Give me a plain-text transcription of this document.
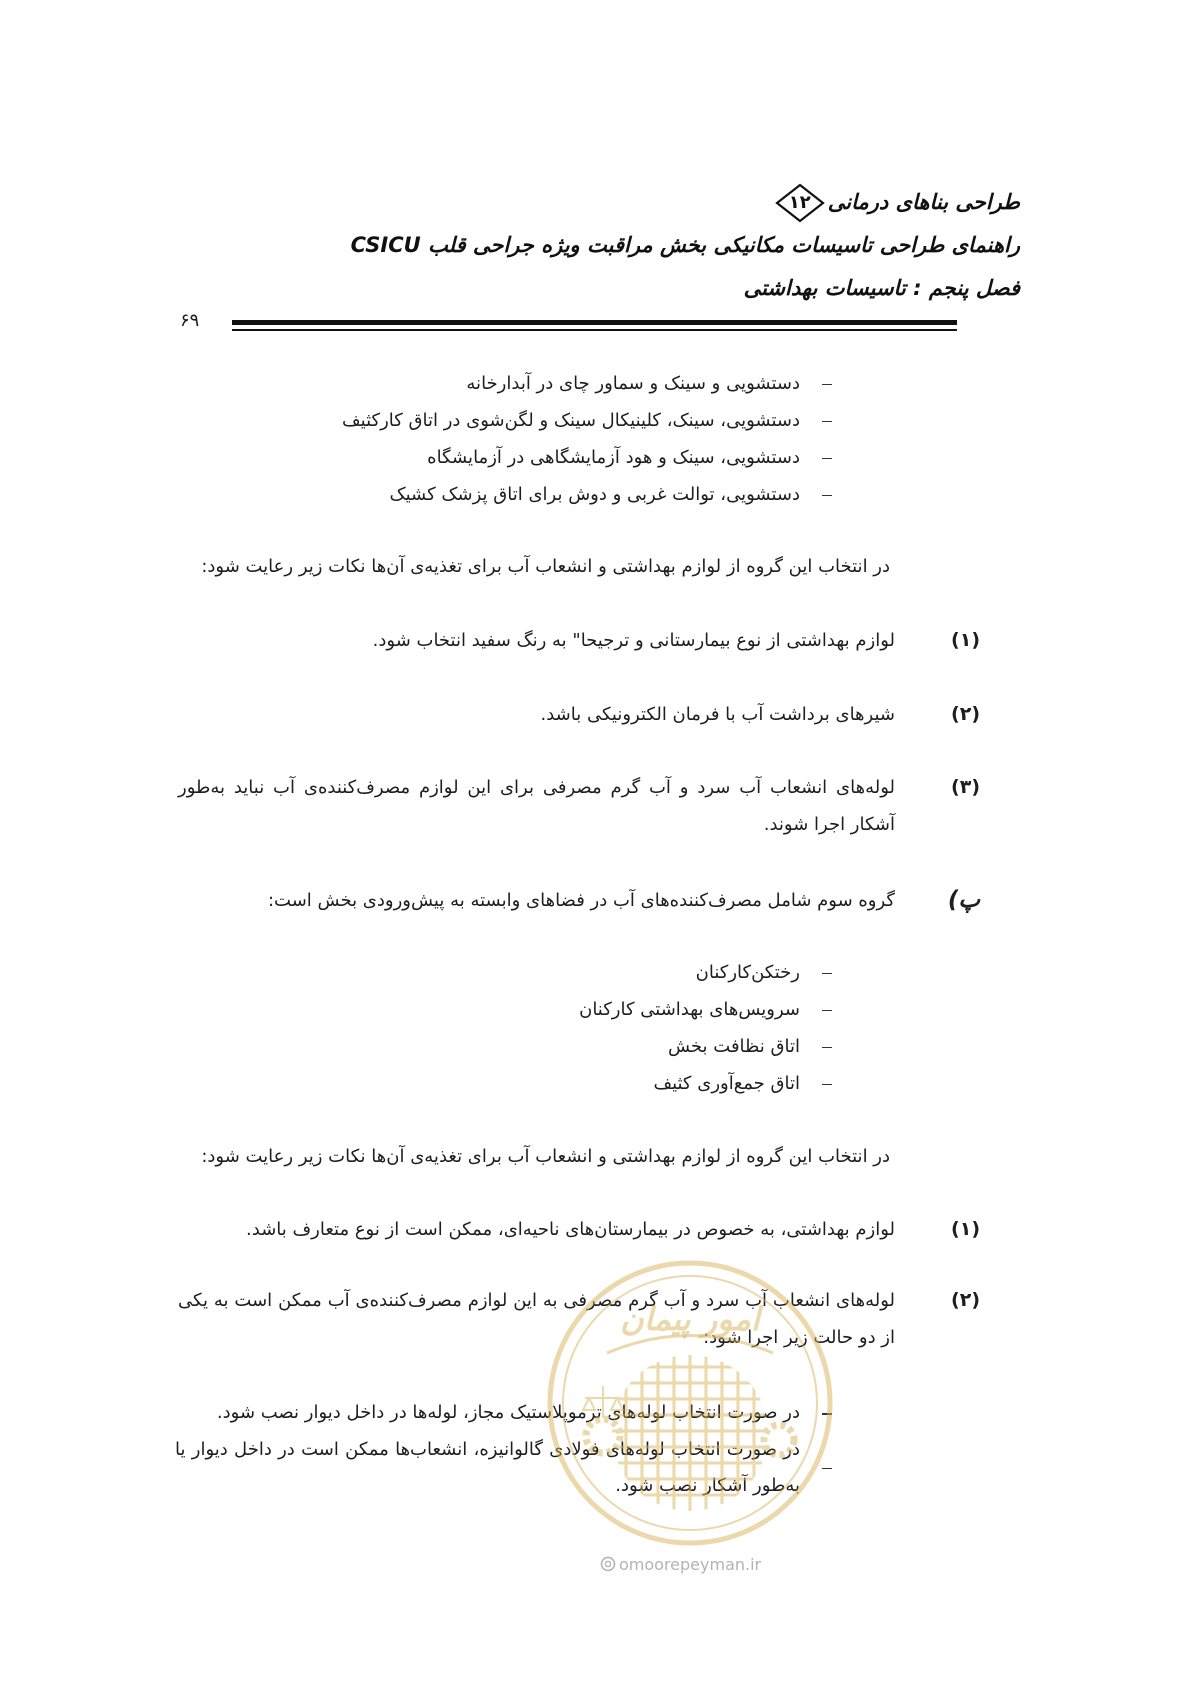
طراحی بناهای درمانی
۱۲
راهنمای طراحی تاسیسات مکانیکی بخش مراقبت ویژه جراحی قلب CSICU
فصل پنجم : تاسیسات بهداشتی
۶۹
دستشویی و سینک و سماور چای در آبدارخانه
دستشویی، سینک، کلینیکال سینک و لگن‌شوی در اتاق کارکثیف
دستشویی، سینک و هود آزمایشگاهی در آزمایشگاه
دستشویی، توالت غربی و دوش برای اتاق پزشک کشیک
در انتخاب این گروه از لوازم بهداشتی و انشعاب آب برای تغذیه‌ی آن‌ها نکات زیر رعایت شود:
(۱)
لوازم بهداشتی از نوع بیمارستانی و ترجیحا" به رنگ سفید انتخاب شود.
(۲)
شیرهای برداشت آب با فرمان الکترونیکی باشد.
(۳)
لوله‌های انشعاب آب سرد و آب گرم مصرفی برای این لوازم مصرف‌کننده‌ی آب نباید به‌طور آشکار اجرا شوند.
پ)
گروه سوم شامل مصرف‌کننده‌های آب در فضاهای وابسته به پیش‌ورودی بخش است:
رختکن‌کارکنان
سرویس‌های بهداشتی کارکنان
اتاق نظافت بخش
اتاق جمع‌آوری کثیف
در انتخاب این گروه از لوازم بهداشتی و انشعاب آب برای تغذیه‌ی آن‌ها نکات زیر رعایت شود:
(۱)
لوازم بهداشتی، به خصوص در بیمارستان‌های ناحیه‌ای، ممکن است از نوع متعارف باشد.
(۲)
لوله‌های انشعاب آب سرد و آب گرم مصرفی به این لوازم مصرف‌کننده‌ی آب ممکن است به یکی از دو حالت زیر اجرا شود:
در صورت انتخاب لوله‌های ترموپلاستیک مجاز، لوله‌ها در داخل دیوار نصب شود.
در صورت انتخاب لوله‌های فولادی گالوانیزه، انشعاب‌ها ممکن است در داخل دیوار یا به‌طور آشکار نصب شود.
امور پیمان
omoorepeyman.ir
